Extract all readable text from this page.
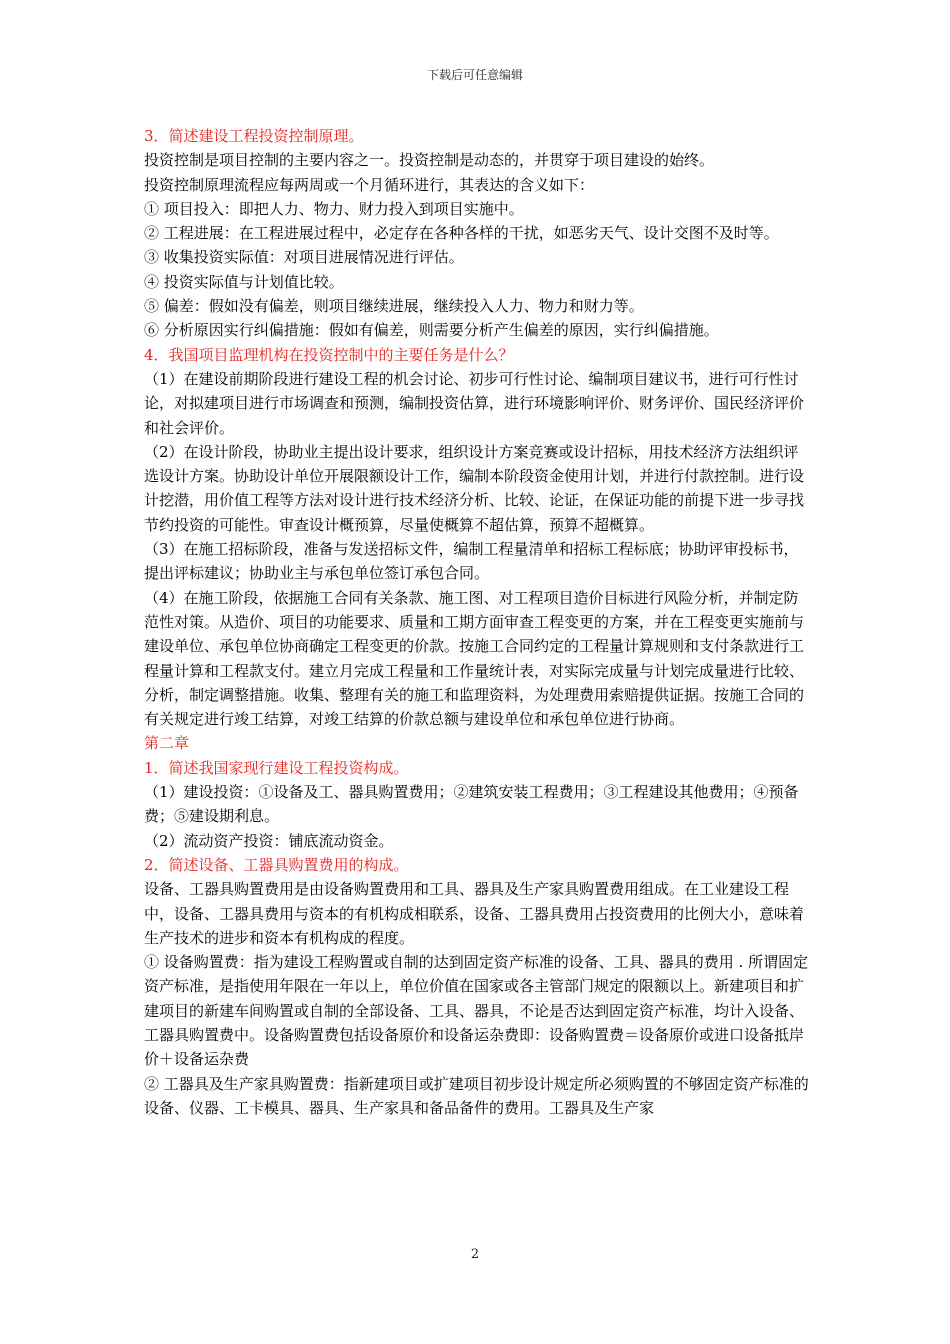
下载后可任意编辑

3．简述建设工程投资控制原理。

投资控制是项目控制的主要内容之一。投资控制是动态的，并贯穿于项目建设的始终。

投资控制原理流程应每两周或一个月循环进行，其表达的含义如下：

① 项目投入：即把人力、物力、财力投入到项目实施中。

② 工程进展：在工程进展过程中，必定存在各种各样的干扰，如恶劣天气、设计交图不及时等。

③ 收集投资实际值：对项目进展情况进行评估。

④ 投资实际值与计划值比较。

⑤ 偏差：假如没有偏差，则项目继续进展，继续投入人力、物力和财力等。

⑥ 分析原因实行纠偏措施：假如有偏差，则需要分析产生偏差的原因，实行纠偏措施。

4．我国项目监理机构在投资控制中的主要任务是什么？

（1）在建设前期阶段进行建设工程的机会讨论、初步可行性讨论、编制项目建议书，进行可行性讨论，对拟建项目进行市场调查和预测，编制投资估算，进行环境影响评价、财务评价、国民经济评价和社会评价。

（2）在设计阶段，协助业主提出设计要求，组织设计方案竞赛或设计招标，用技术经济方法组织评选设计方案。协助设计单位开展限额设计工作，编制本阶段资金使用计划，并进行付款控制。进行设计挖潜，用价值工程等方法对设计进行技术经济分析、比较、论证，在保证功能的前提下进一步寻找节约投资的可能性。审查设计概预算，尽量使概算不超估算，预算不超概算。

（3）在施工招标阶段，准备与发送招标文件，编制工程量清单和招标工程标底；协助评审投标书，提出评标建议；协助业主与承包单位签订承包合同。

（4）在施工阶段，依据施工合同有关条款、施工图、对工程项目造价目标进行风险分析，并制定防范性对策。从造价、项目的功能要求、质量和工期方面审查工程变更的方案，并在工程变更实施前与建设单位、承包单位协商确定工程变更的价款。按施工合同约定的工程量计算规则和支付条款进行工程量计算和工程款支付。建立月完成工程量和工作量统计表，对实际完成量与计划完成量进行比较、分析，制定调整措施。收集、整理有关的施工和监理资料，为处理费用索赔提供证据。按施工合同的有关规定进行竣工结算，对竣工结算的价款总额与建设单位和承包单位进行协商。

第二章

1．简述我国家现行建设工程投资构成。

（1）建设投资：①设备及工、器具购置费用；②建筑安装工程费用；③工程建设其他费用；④预备费；⑤建设期利息。

（2）流动资产投资：铺底流动资金。

2．简述设备、工器具购置费用的构成。

设备、工器具购置费用是由设备购置费用和工具、器具及生产家具购置费用组成。在工业建设工程中，设备、工器具费用与资本的有机构成相联系，设备、工器具费用占投资费用的比例大小，意味着生产技术的进步和资本有机构成的程度。

① 设备购置费：指为建设工程购置或自制的达到固定资产标准的设备、工具、器具的费用 . 所谓固定资产标准，是指使用年限在一年以上，单位价值在国家或各主管部门规定的限额以上。新建项目和扩建项目的新建车间购置或自制的全部设备、工具、器具，不论是否达到固定资产标准，均计入设备、工器具购置费中。设备购置费包括设备原价和设备运杂费即：设备购置费＝设备原价或进口设备抵岸价＋设备运杂费

② 工器具及生产家具购置费：指新建项目或扩建项目初步设计规定所必须购置的不够固定资产标准的设备、仪器、工卡模具、器具、生产家具和备品备件的费用。工器具及生产家

2
